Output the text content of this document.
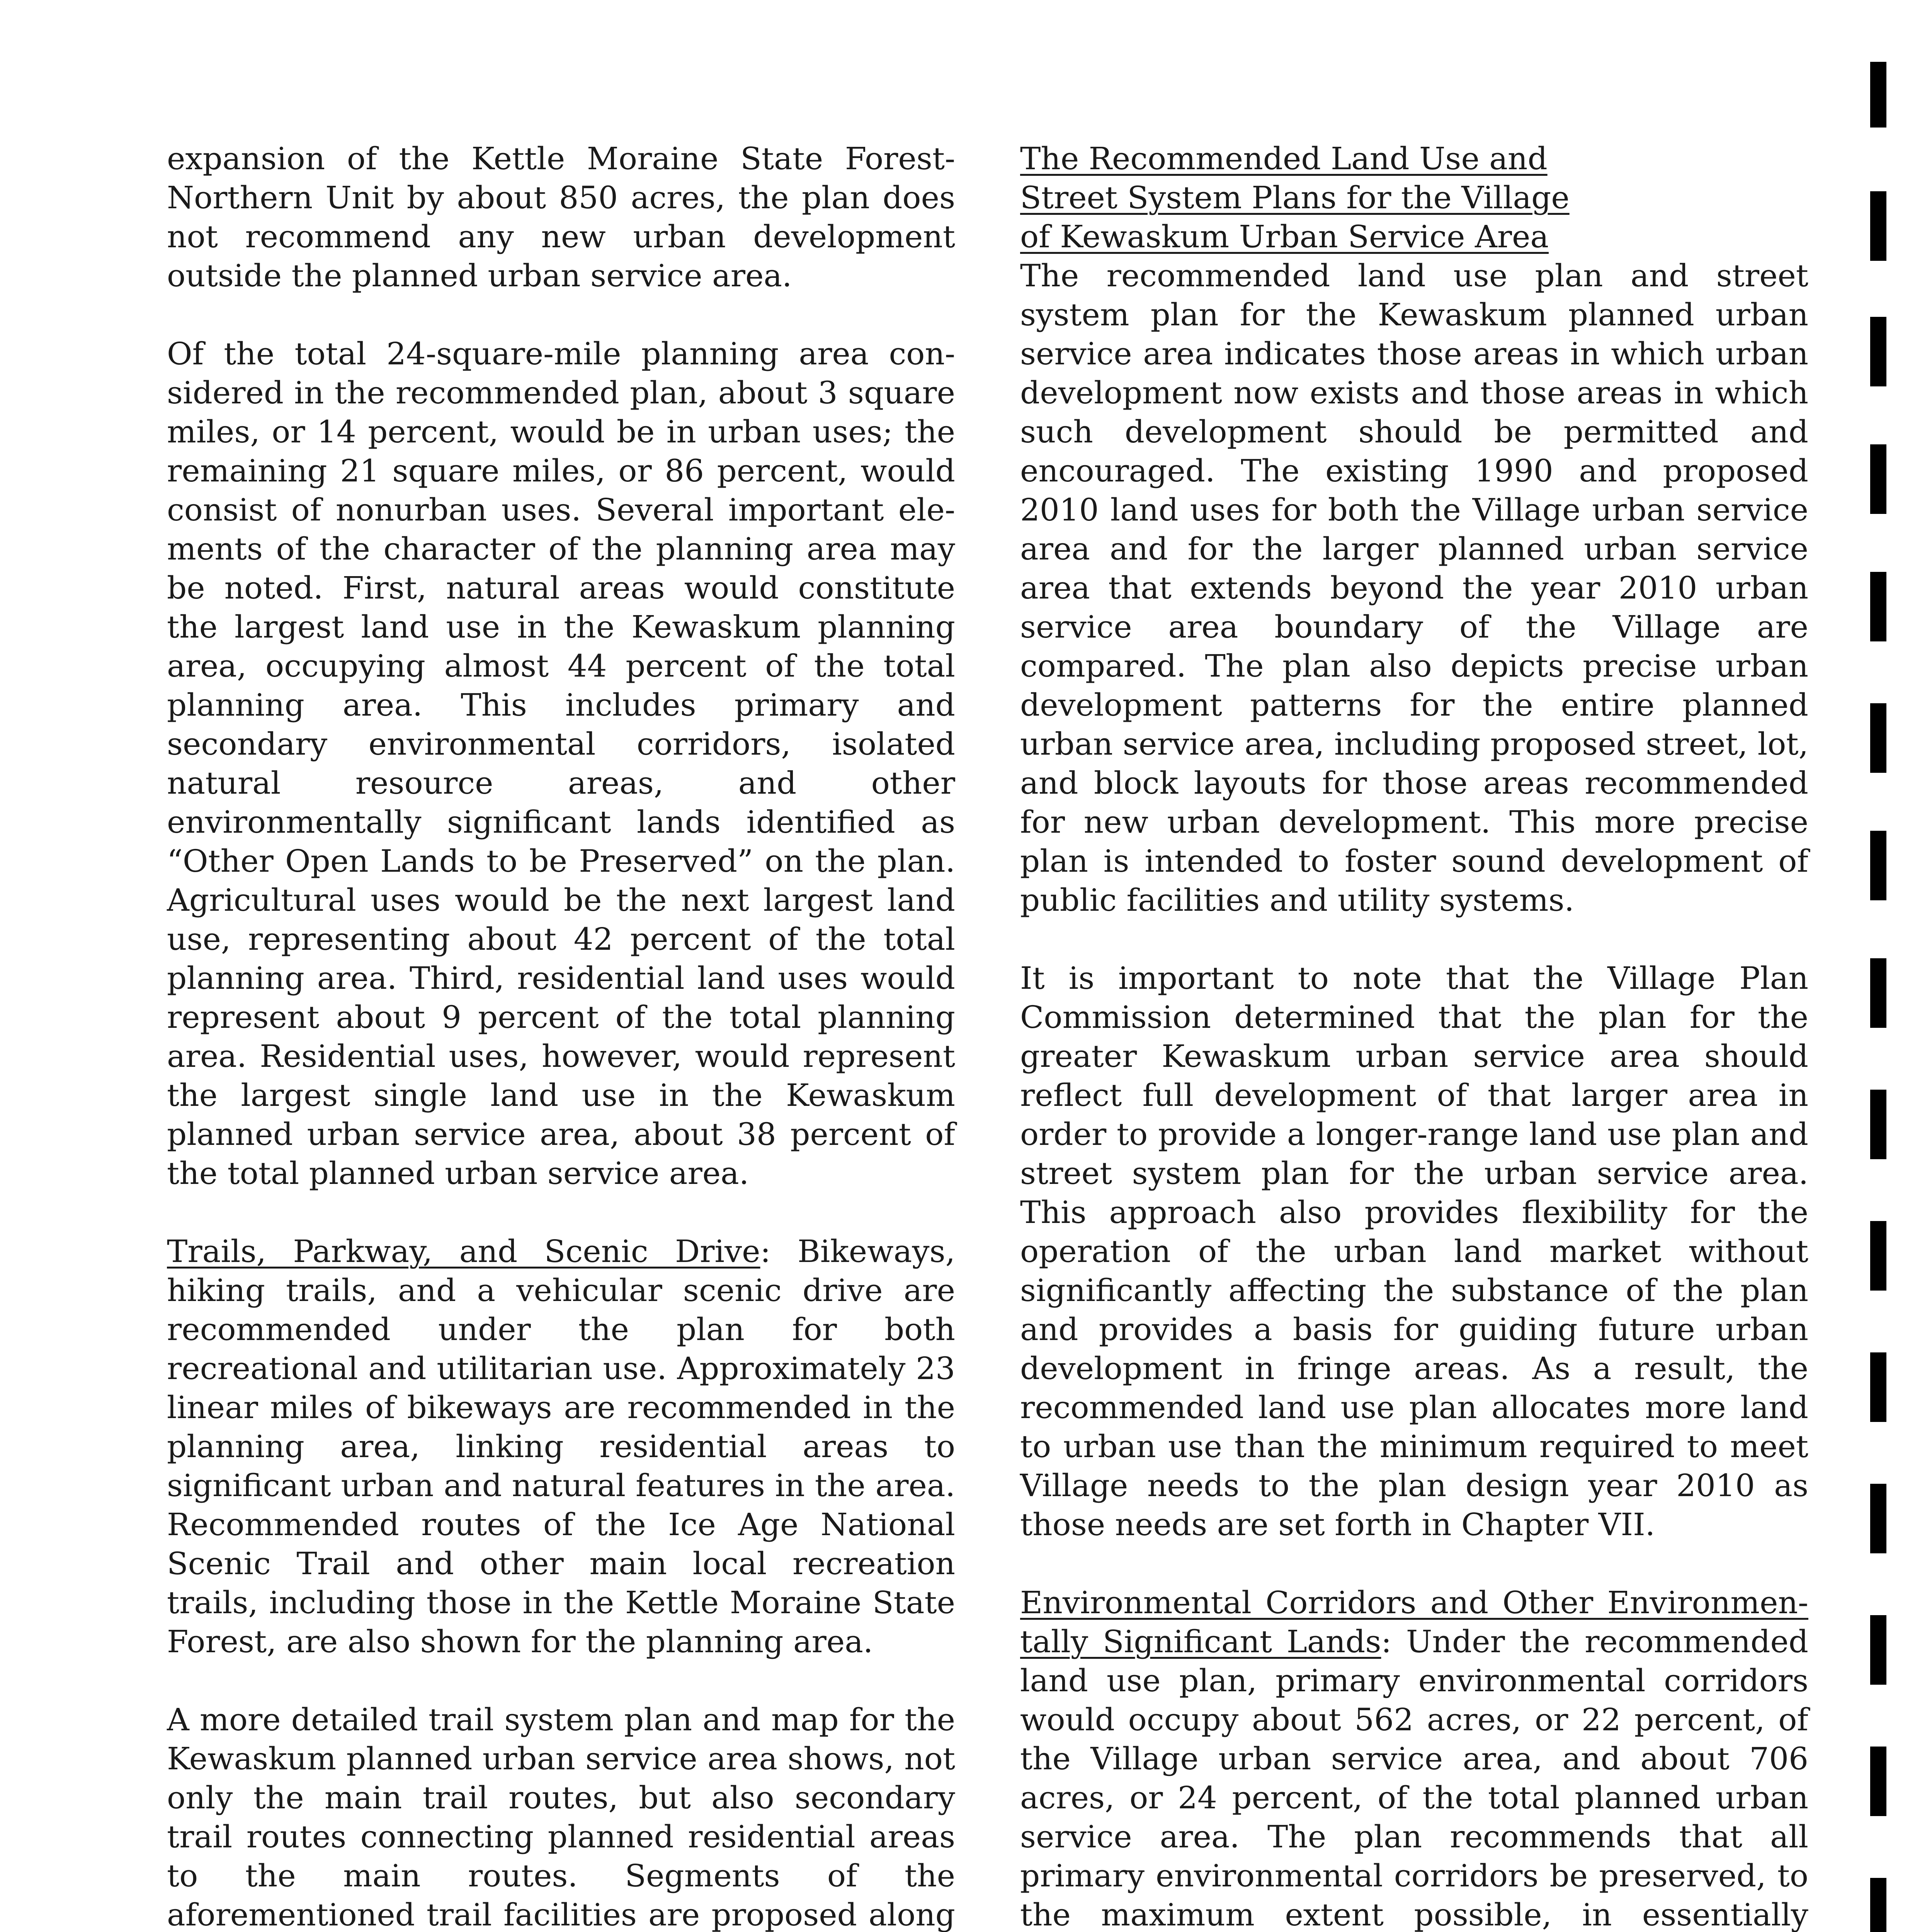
expansion of the Kettle Moraine State Forest-Northern Unit by about 850 acres, the plan does not recommend any new urban development outside the planned urban service area.

Of the total 24-square-mile planning area considered in the recommended plan, about 3 square miles, or 14 percent, would be in urban uses; the remaining 21 square miles, or 86 percent, would consist of nonurban uses. Several important elements of the character of the planning area may be noted. First, natural areas would constitute the largest land use in the Kewaskum planning area, occupying almost 44 percent of the total planning area. This includes primary and secondary environmental corridors, isolated natural resource areas, and other environmentally significant lands identified as “Other Open Lands to be Preserved” on the plan. Agricultural uses would be the next largest land use, representing about 42 percent of the total planning area. Third, residential land uses would represent about 9 percent of the total planning area. Residential uses, however, would represent the largest single land use in the Kewaskum planned urban service area, about 38 percent of the total planned urban service area.

Trails, Parkway, and Scenic Drive: Bikeways, hiking trails, and a vehicular scenic drive are recommended under the plan for both recreational and utilitarian use. Approximately 23 linear miles of bikeways are recommended in the planning area, linking residential areas to significant urban and natural features in the area. Recommended routes of the Ice Age National Scenic Trail and other main local recreation trails, including those in the Kettle Moraine State Forest, are also shown for the planning area.

A more detailed trail system plan and map for the Kewaskum planned urban service area shows, not only the main trail routes, but also secondary trail routes connecting planned residential areas to the main routes. Segments of the aforementioned trail facilities are proposed along

The Recommended Land Use and
Street System Plans for the Village
of Kewaskum Urban Service Area
The recommended land use plan and street system plan for the Kewaskum planned urban service area indicates those areas in which urban development now exists and those areas in which such development should be permitted and encouraged. The existing 1990 and proposed 2010 land uses for both the Village urban service area and for the larger planned urban service area that extends beyond the year 2010 urban service area boundary of the Village are compared. The plan also depicts precise urban development patterns for the entire planned urban service area, including proposed street, lot, and block layouts for those areas recommended for new urban development. This more precise plan is intended to foster sound development of public facilities and utility systems.

It is important to note that the Village Plan Commission determined that the plan for the greater Kewaskum urban service area should reflect full development of that larger area in order to provide a longer-range land use plan and street system plan for the urban service area. This approach also provides flexibility for the operation of the urban land market without significantly affecting the substance of the plan and provides a basis for guiding future urban development in fringe areas. As a result, the recommended land use plan allocates more land to urban use than the minimum required to meet Village needs to the plan design year 2010 as those needs are set forth in Chapter VII.

Environmental Corridors and Other Environmentally Significant Lands: Under the recommended land use plan, primary environmental corridors would occupy about 562 acres, or 22 percent, of the Village urban service area, and about 706 acres, or 24 percent, of the total planned urban service area. The plan recommends that all primary environmental corridors be preserved, to the maximum extent possible, in essentially
